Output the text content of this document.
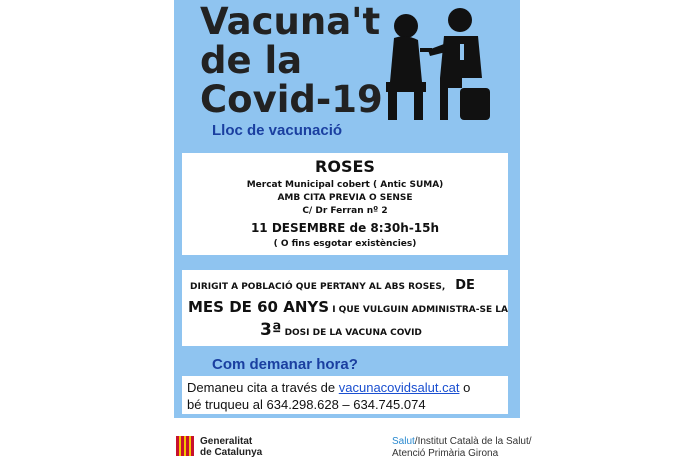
Vacuna't
de la
Covid-19
Lloc de vacunació
ROSES
Mercat Municipal cobert ( Antic SUMA)
AMB CITA PREVIA O SENSE
C/ Dr Ferran nº 2
11 DESEMBRE de 8:30h-15h
( O fins esgotar existències)
DIRIGIT A POBLACIÓ QUE PERTANY AL ABS ROSES, DE
MES DE 60 ANYS I QUE VULGUIN ADMINISTRA-SE LA
3ª DOSI DE LA VACUNA COVID
Com demanar hora?
Demaneu cita a través de vacunacovidsalut.cat o
bé truqueu al 634.298.628 – 634.745.074
Generalitat
de Catalunya
Salut/Institut Català de la Salut/
Atenció Primària Girona
